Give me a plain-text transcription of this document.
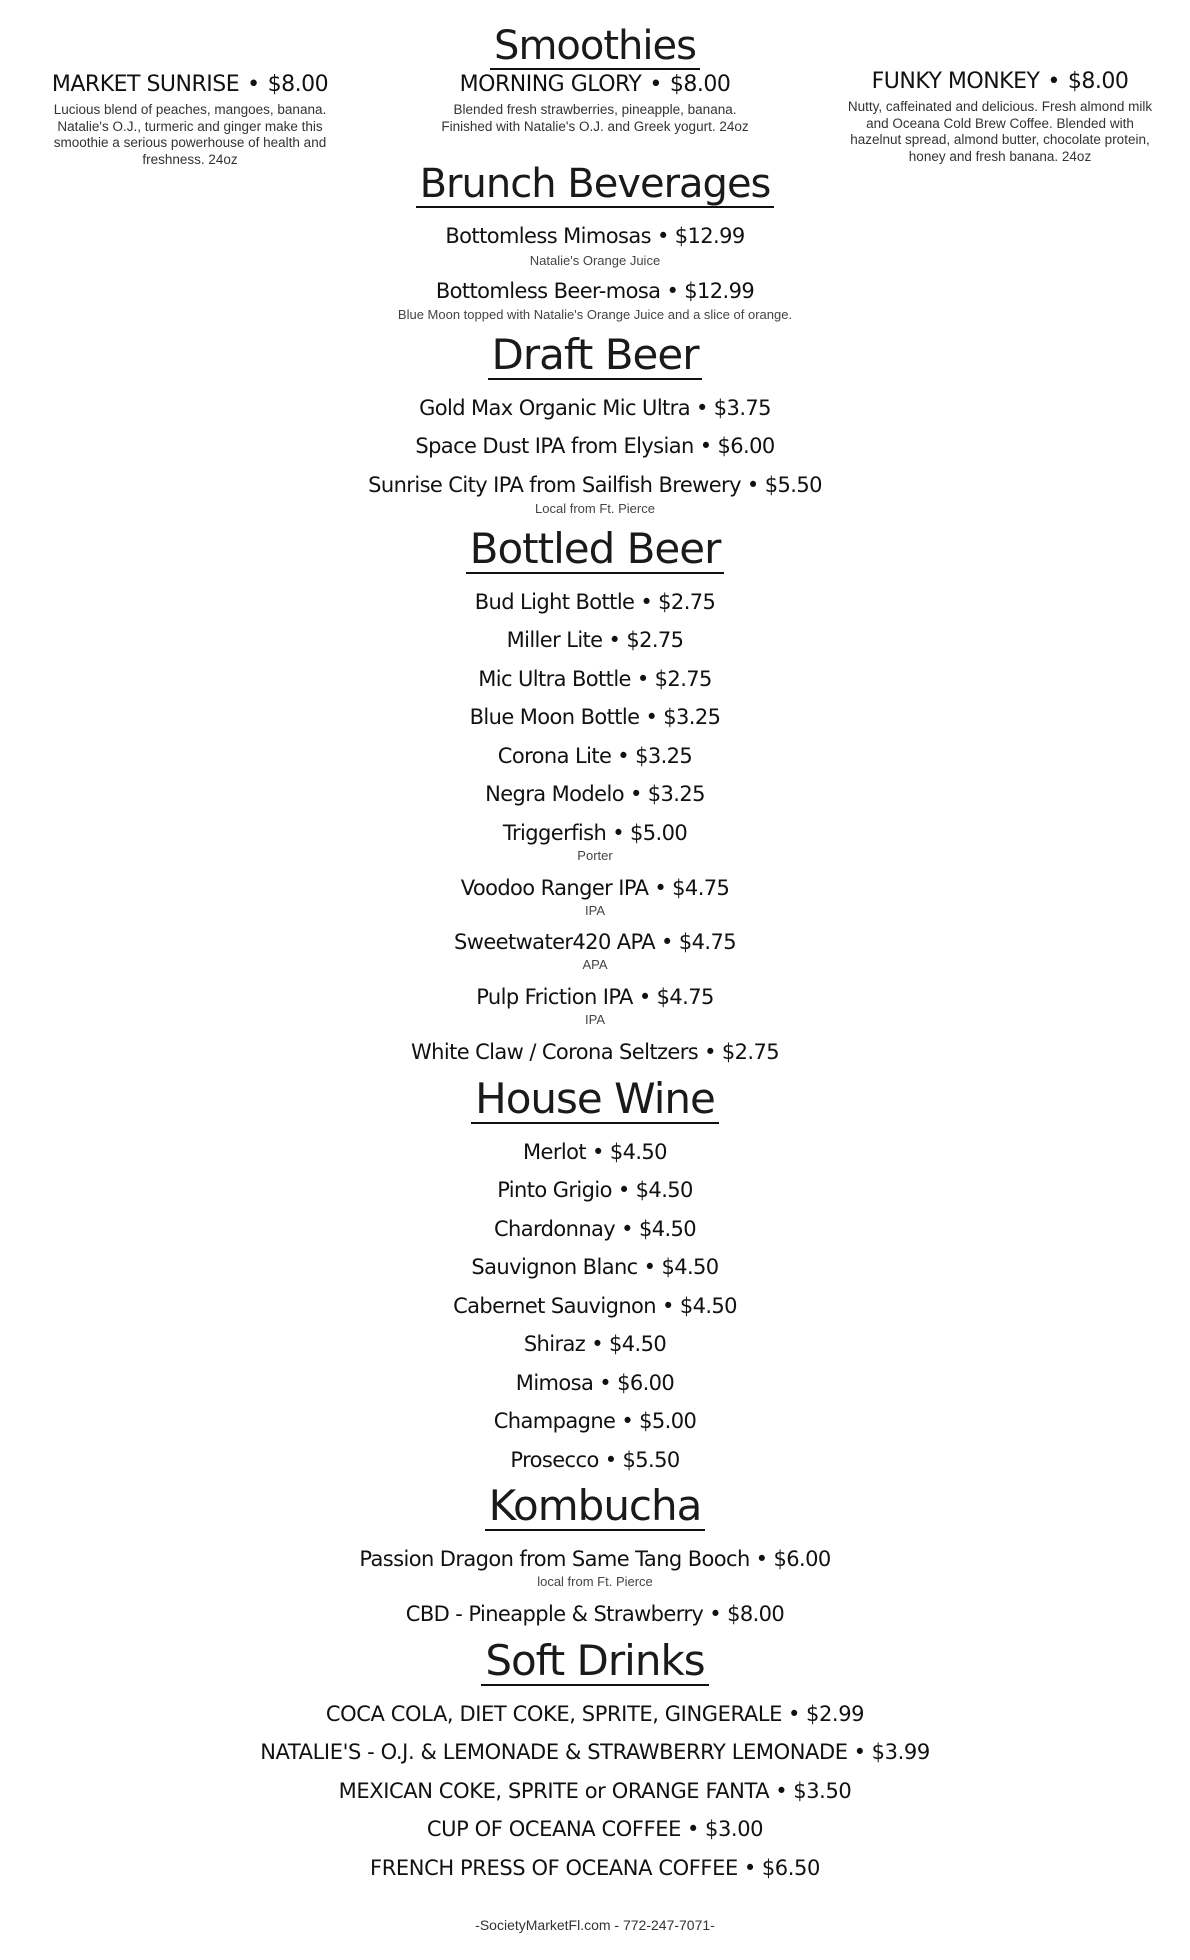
Smoothies
MARKET SUNRISE • $8.00
Lucious blend of peaches, mangoes, banana.
Natalie's O.J., turmeric and ginger make this
smoothie a serious powerhouse of health and
freshness. 24oz
MORNING GLORY • $8.00
Blended fresh strawberries, pineapple, banana.
Finished with Natalie's O.J. and Greek yogurt. 24oz
FUNKY MONKEY • $8.00
Nutty, caffeinated and delicious. Fresh almond milk
and Oceana Cold Brew Coffee. Blended with
hazelnut spread, almond butter, chocolate protein,
honey and fresh banana. 24oz
Brunch Beverages
Bottomless Mimosas • $12.99
Natalie's Orange Juice
Bottomless Beer-mosa • $12.99
Blue Moon topped with Natalie's Orange Juice and a slice of orange.
Draft Beer
Gold Max Organic Mic Ultra • $3.75
Space Dust IPA from Elysian • $6.00
Sunrise City IPA from Sailfish Brewery • $5.50
Local from Ft. Pierce
Bottled Beer
Bud Light Bottle • $2.75
Miller Lite • $2.75
Mic Ultra Bottle • $2.75
Blue Moon Bottle • $3.25
Corona Lite • $3.25
Negra Modelo • $3.25
Triggerfish • $5.00
Porter
Voodoo Ranger IPA • $4.75
IPA
Sweetwater420 APA • $4.75
APA
Pulp Friction IPA • $4.75
IPA
White Claw / Corona Seltzers • $2.75
House Wine
Merlot • $4.50
Pinto Grigio • $4.50
Chardonnay • $4.50
Sauvignon Blanc • $4.50
Cabernet Sauvignon • $4.50
Shiraz • $4.50
Mimosa • $6.00
Champagne • $5.00
Prosecco • $5.50
Kombucha
Passion Dragon from Same Tang Booch • $6.00
local from Ft. Pierce
CBD - Pineapple & Strawberry • $8.00
Soft Drinks
COCA COLA, DIET COKE, SPRITE, GINGERALE • $2.99
NATALIE'S - O.J. & LEMONADE & STRAWBERRY LEMONADE • $3.99
MEXICAN COKE, SPRITE or ORANGE FANTA • $3.50
CUP OF OCEANA COFFEE • $3.00
FRENCH PRESS OF OCEANA COFFEE • $6.50
-SocietyMarketFl.com - 772-247-7071-
